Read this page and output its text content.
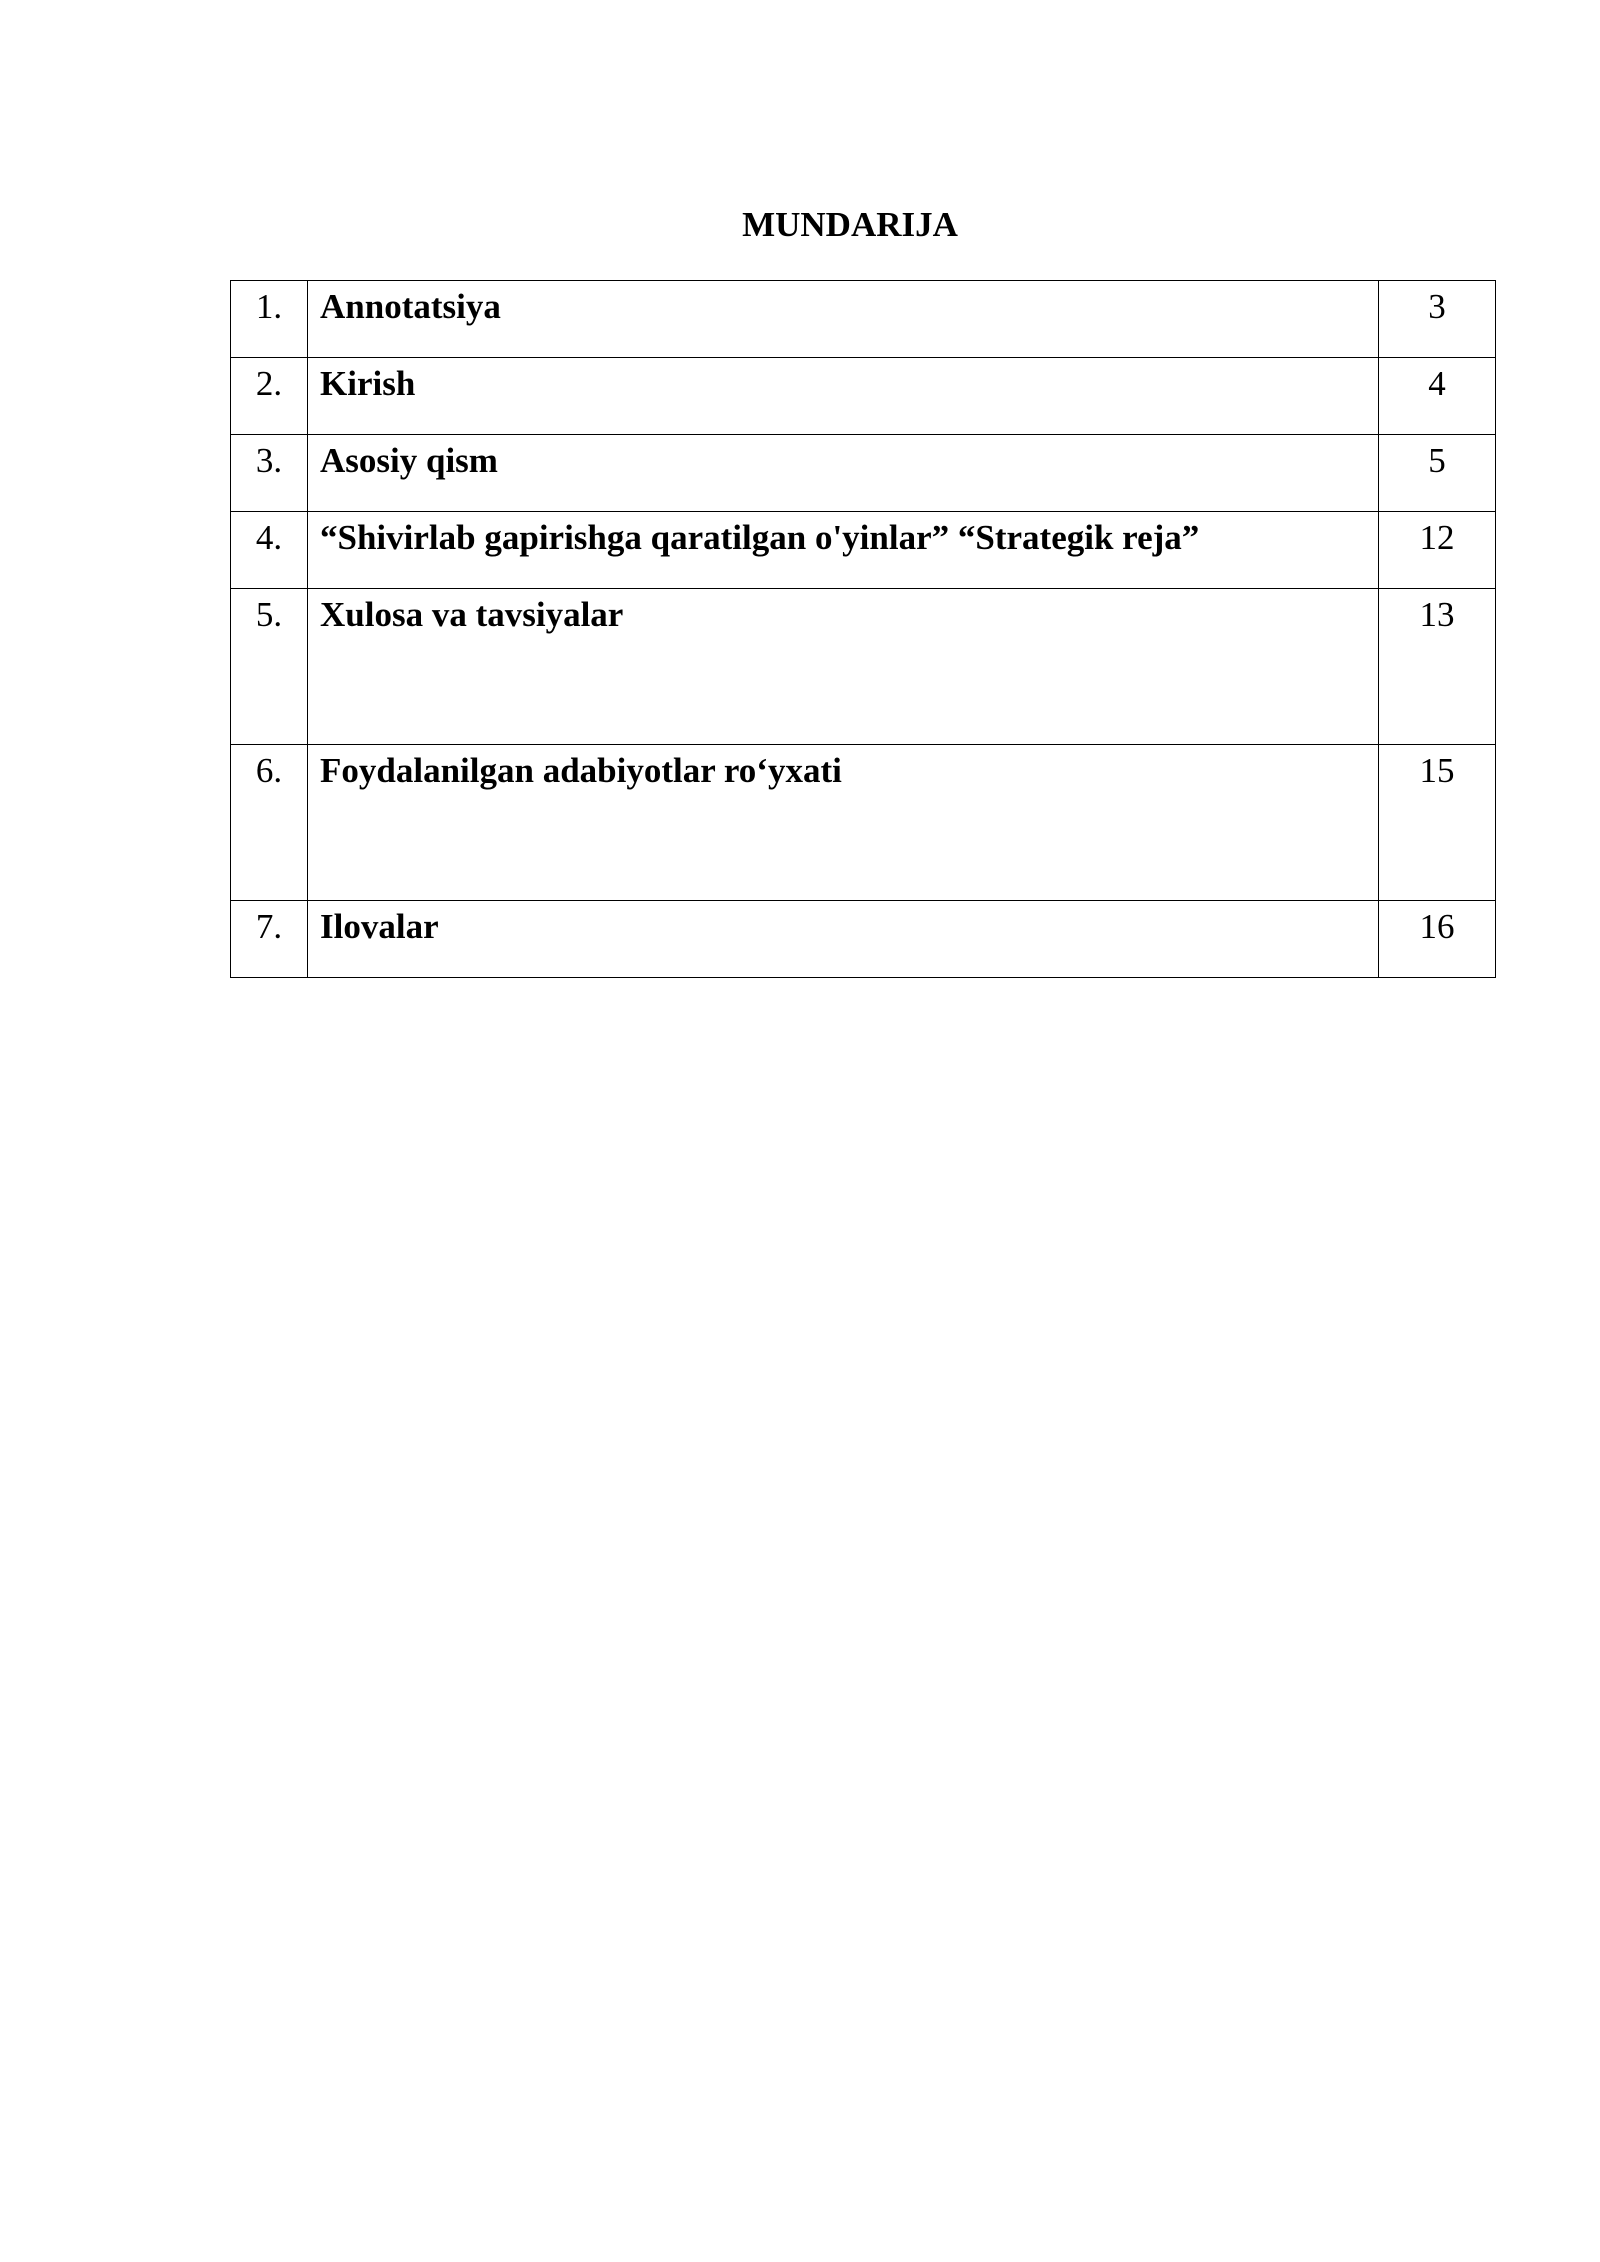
MUNDARIJA
1.	Annotatsiya	3
2.	Kirish	4
3.	Asosiy qism	5
4.	“Shivirlab gapirishga qaratilgan o'yinlar” “Strategik reja”	12
5.	Xulosa va tavsiyalar	13
6.	Foydalanilgan adabiyotlar ro‘yxati	15
7.	Ilovalar	16
